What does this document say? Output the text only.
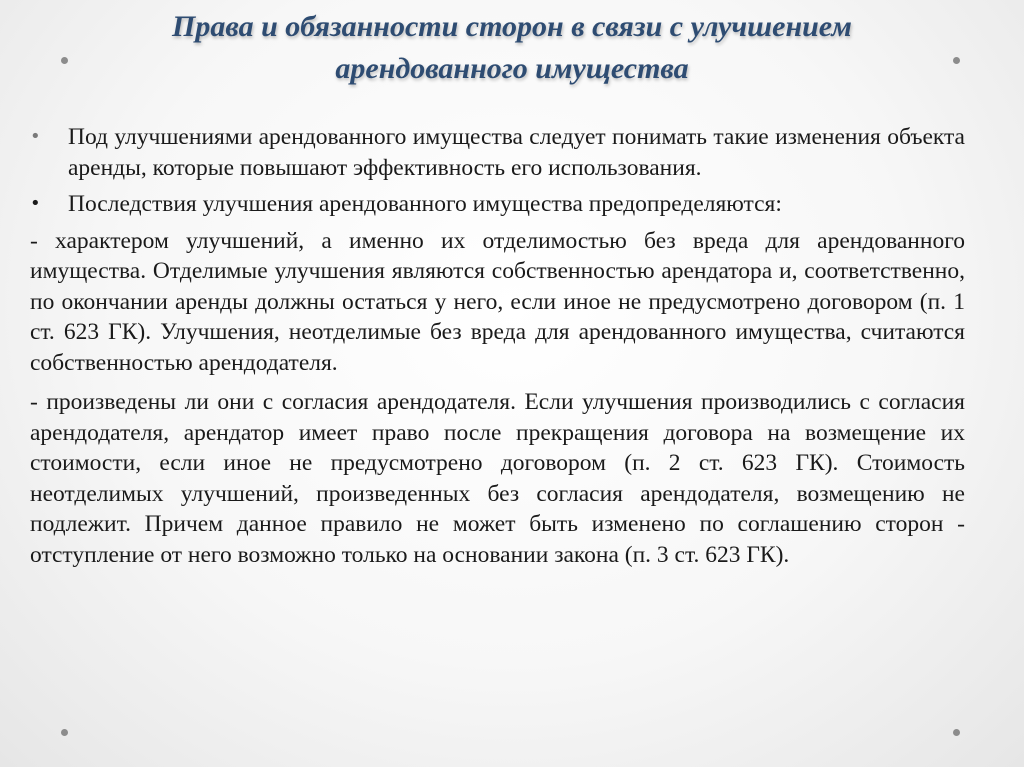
Права и обязанности сторон в связи с улучшением
арендованного имущества
• Под улучшениями арендованного имущества следует понимать такие изменения объекта аренды, которые повышают эффективность его использования.
• Последствия улучшения арендованного имущества предопределяются:
- характером улучшений, а именно их отделимостью без вреда для арендованного имущества. Отделимые улучшения являются собственностью арендатора и, соответственно, по окончании аренды должны остаться у него, если иное не предусмотрено договором (п. 1 ст. 623 ГК). Улучшения, неотделимые без вреда для арендованного имущества, считаются собственностью арендодателя.
- произведены ли они с согласия арендодателя. Если улучшения производились с согласия арендодателя, арендатор имеет право после прекращения договора на возмещение их стоимости, если иное не предусмотрено договором (п. 2 ст. 623 ГК). Стоимость неотделимых улучшений, произведенных без согласия арендодателя, возмещению не подлежит. Причем данное правило не может быть изменено по соглашению сторон - отступление от него возможно только на основании закона (п. 3 ст. 623 ГК).
